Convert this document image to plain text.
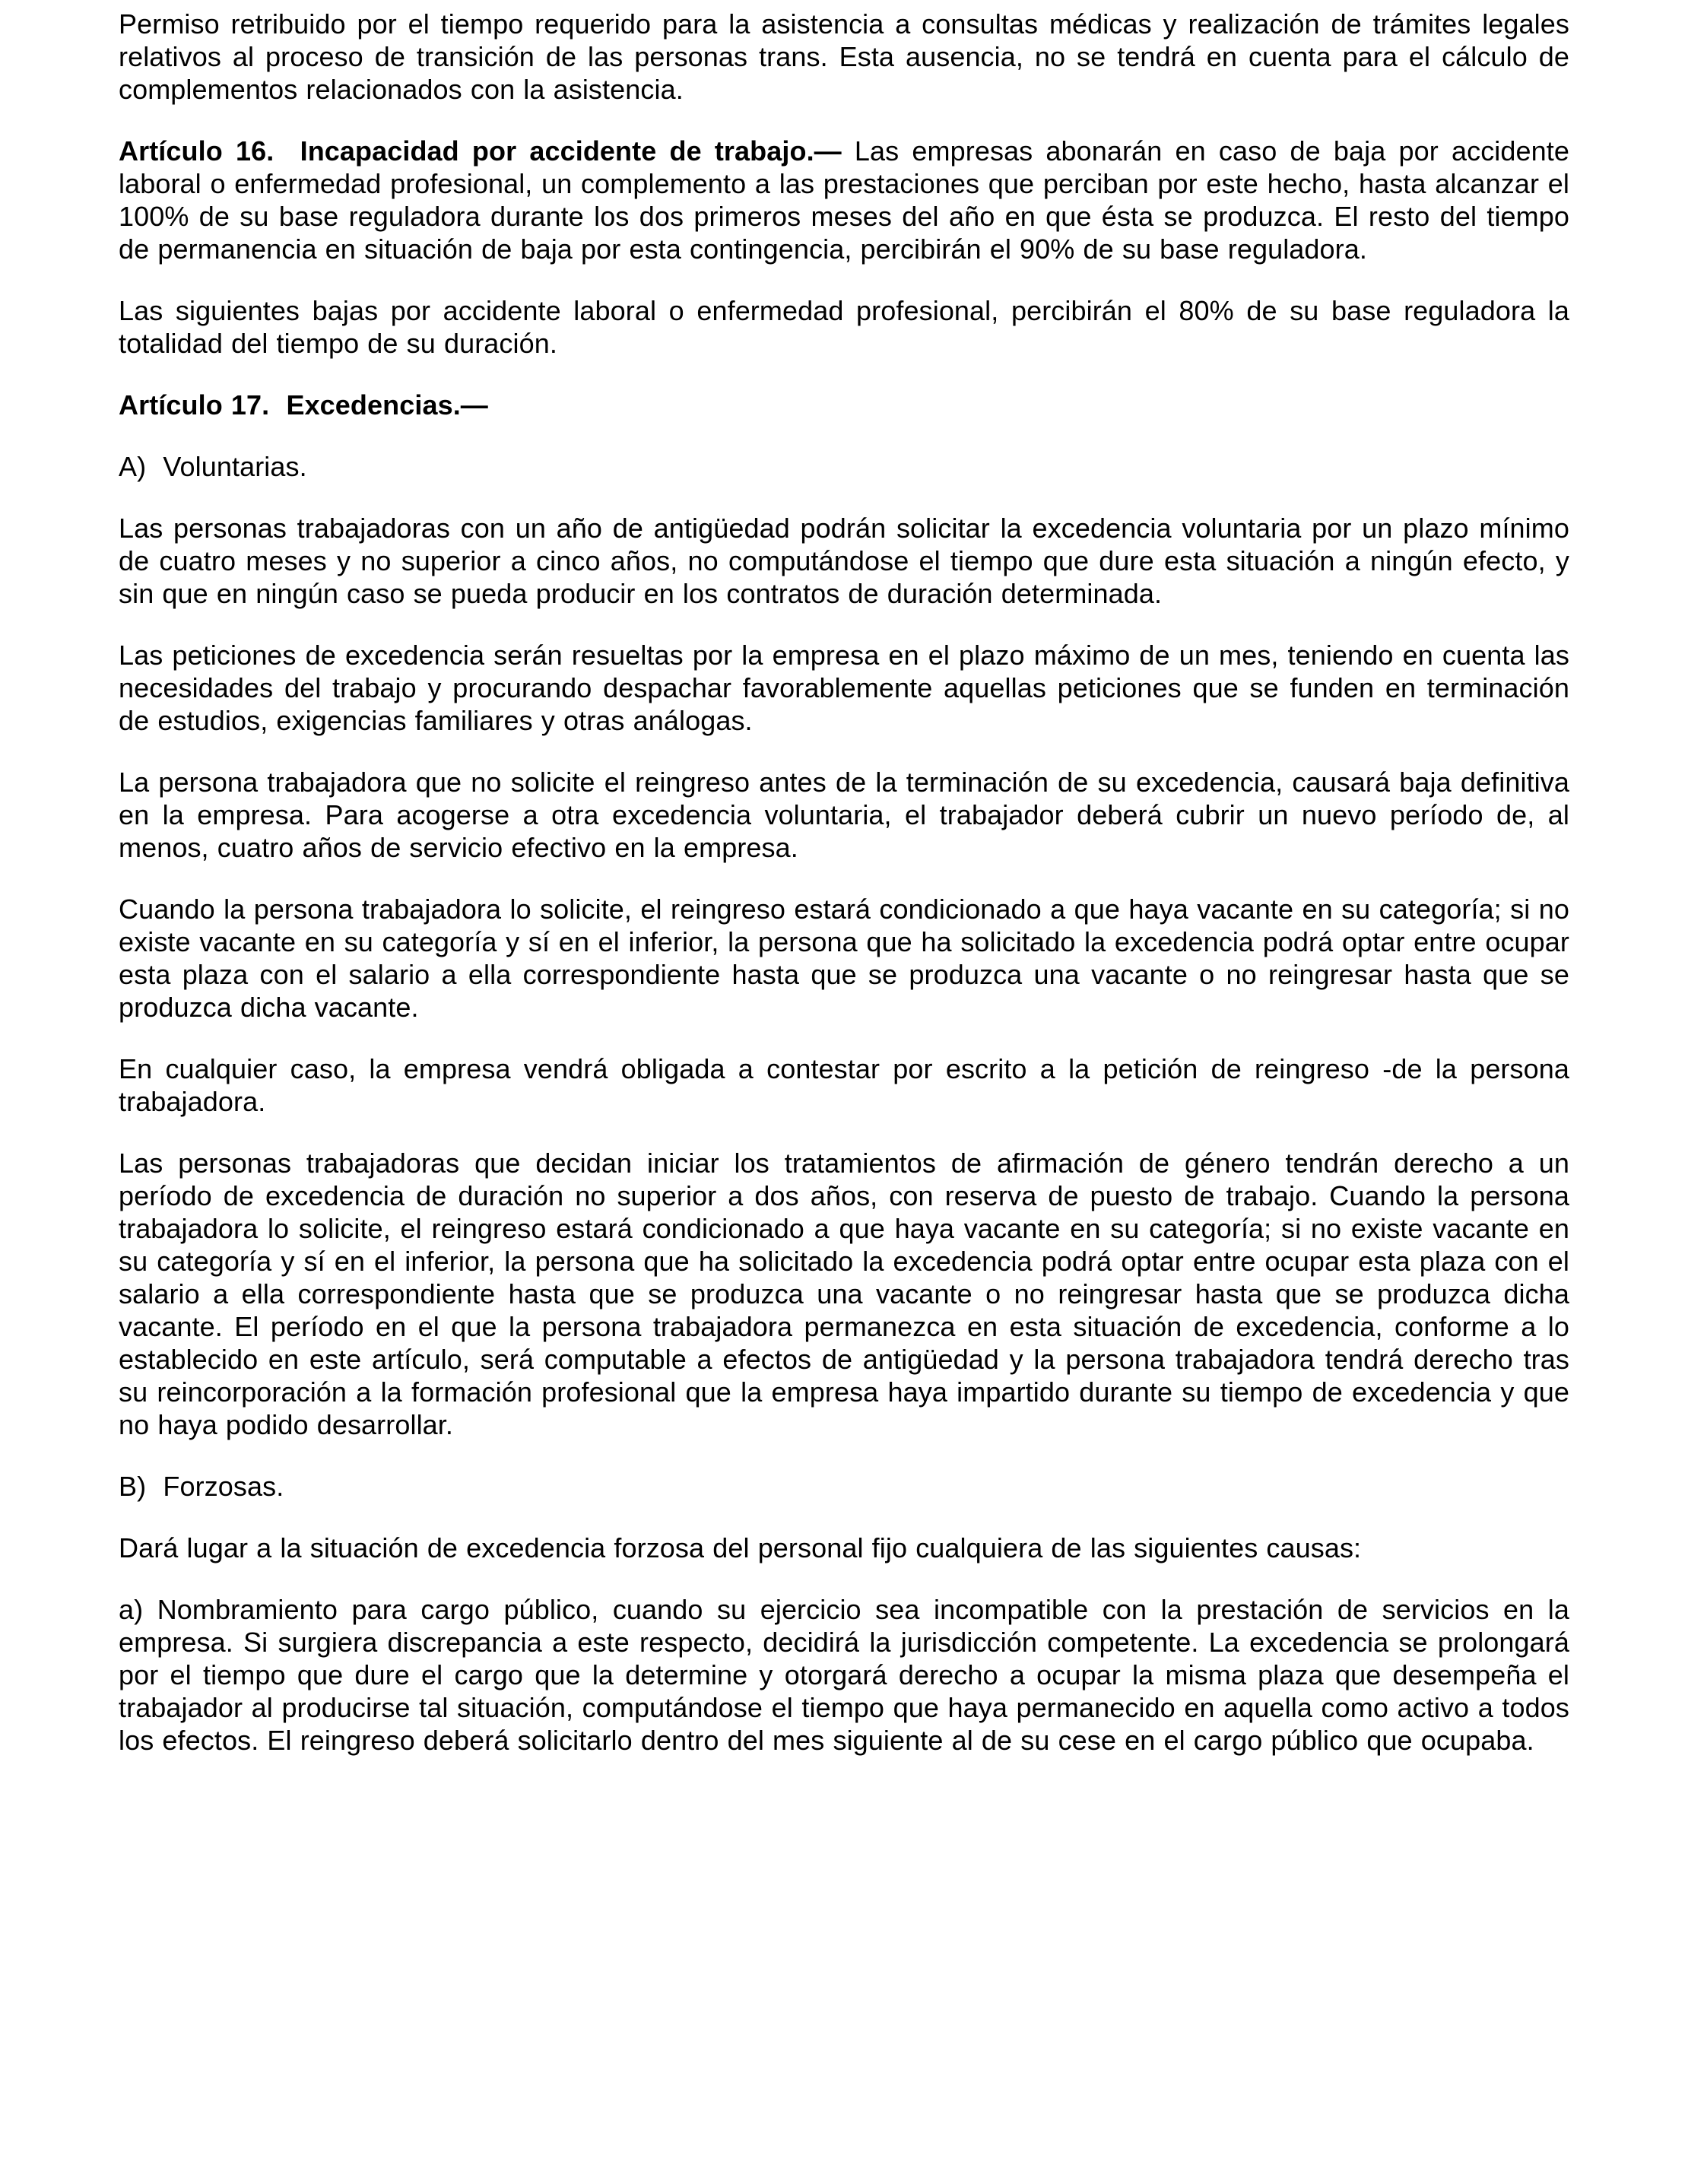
Permiso retribuido por el tiempo requerido para la asistencia a consultas médicas y realización de trámites legales relativos al proceso de transición de las personas trans. Esta ausencia, no se tendrá en cuenta para el cálculo de complementos relacionados con la asistencia.

Artículo 16.  Incapacidad por accidente de trabajo.— Las empresas abonarán en caso de baja por accidente laboral o enfermedad profesional, un complemento a las prestaciones que perciban por este hecho, hasta alcanzar el 100% de su base reguladora durante los dos primeros meses del año en que ésta se produzca. El resto del tiempo de permanencia en situación de baja por esta contingencia, percibirán el 90% de su base reguladora.

Las siguientes bajas por accidente laboral o enfermedad profesional, percibirán el 80% de su base reguladora la totalidad del tiempo de su duración.

Artículo 17.  Excedencias.—

A)  Voluntarias.

Las personas trabajadoras con un año de antigüedad podrán solicitar la excedencia voluntaria por un plazo mínimo de cuatro meses y no superior a cinco años, no computándose el tiempo que dure esta situación a ningún efecto, y sin que en ningún caso se pueda producir en los contratos de duración determinada.

Las peticiones de excedencia serán resueltas por la empresa en el plazo máximo de un mes, teniendo en cuenta las necesidades del trabajo y procurando despachar favorablemente aquellas peticiones que se funden en terminación de estudios, exigencias familiares y otras análogas.

La persona trabajadora que no solicite el reingreso antes de la terminación de su excedencia, causará baja definitiva en la empresa. Para acogerse a otra excedencia voluntaria, el trabajador deberá cubrir un nuevo período de, al menos, cuatro años de servicio efectivo en la empresa.

Cuando la persona trabajadora lo solicite, el reingreso estará condicionado a que haya vacante en su categoría; si no existe vacante en su categoría y sí en el inferior, la persona que ha solicitado la excedencia podrá optar entre ocupar esta plaza con el salario a ella correspondiente hasta que se produzca una vacante o no reingresar hasta que se produzca dicha vacante.

En cualquier caso, la empresa vendrá obligada a contestar por escrito a la petición de reingreso -de la persona trabajadora.

Las personas trabajadoras que decidan iniciar los tratamientos de afirmación de género tendrán derecho a un período de excedencia de duración no superior a dos años, con reserva de puesto de trabajo. Cuando la persona trabajadora lo solicite, el reingreso estará condicionado a que haya vacante en su categoría; si no existe vacante en su categoría y sí en el inferior, la persona que ha solicitado la excedencia podrá optar entre ocupar esta plaza con el salario a ella correspondiente hasta que se produzca una vacante o no reingresar hasta que se produzca dicha vacante. El período en el que la persona trabajadora permanezca en esta situación de excedencia, conforme a lo establecido en este artículo, será computable a efectos de antigüedad y la persona trabajadora tendrá derecho tras su reincorporación a la formación profesional que la empresa haya impartido durante su tiempo de excedencia y que no haya podido desarrollar.

B)  Forzosas.

Dará lugar a la situación de excedencia forzosa del personal fijo cualquiera de las siguientes causas:

a) Nombramiento para cargo público, cuando su ejercicio sea incompatible con la prestación de servicios en la empresa. Si surgiera discrepancia a este respecto, decidirá la jurisdicción competente. La excedencia se prolongará por el tiempo que dure el cargo que la determine y otorgará derecho a ocupar la misma plaza que desempeña el trabajador al producirse tal situación, computándose el tiempo que haya permanecido en aquella como activo a todos los efectos. El reingreso deberá solicitarlo dentro del mes siguiente al de su cese en el cargo público que ocupaba.
